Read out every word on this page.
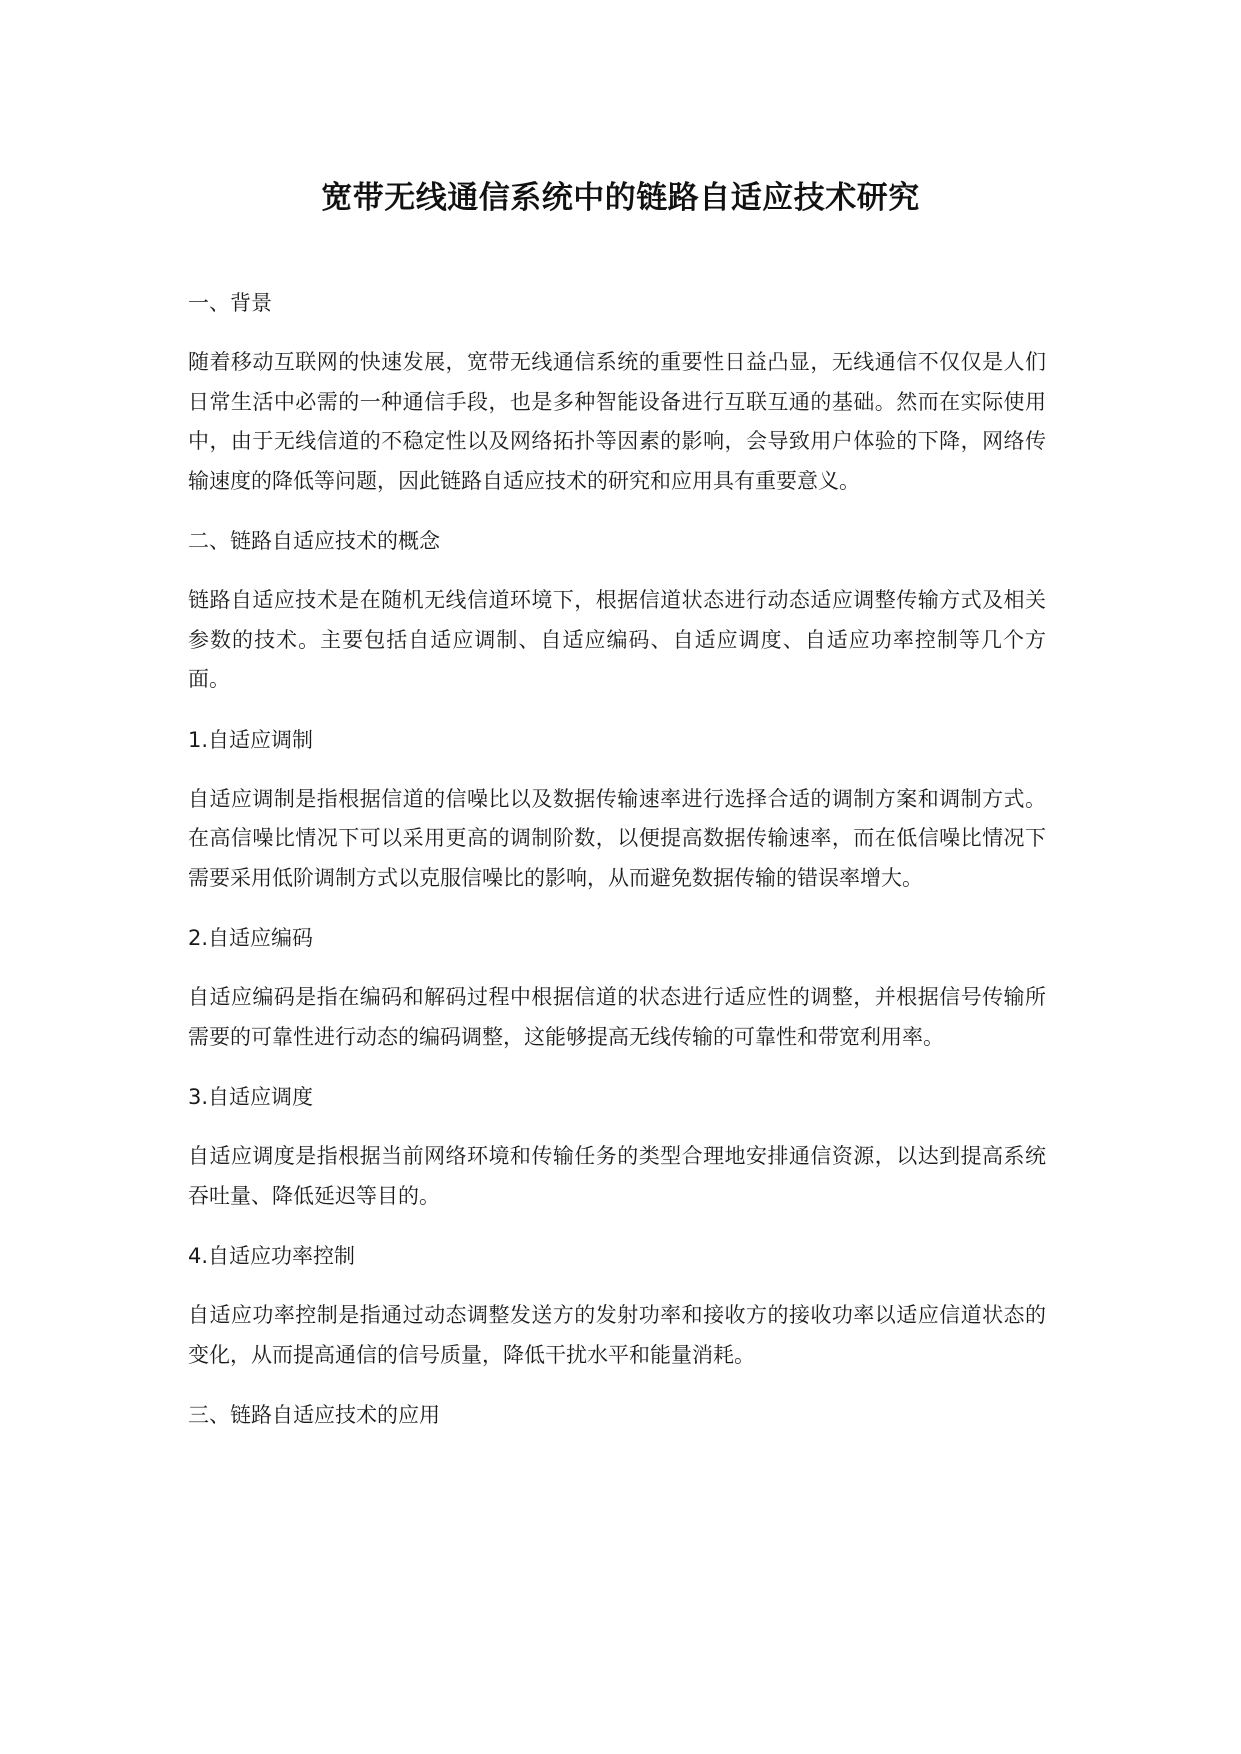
宽带无线通信系统中的链路自适应技术研究

一、背景

随着移动互联网的快速发展，宽带无线通信系统的重要性日益凸显，无线通信不仅仅是人们日常生活中必需的一种通信手段，也是多种智能设备进行互联互通的基础。然而在实际使用中，由于无线信道的不稳定性以及网络拓扑等因素的影响，会导致用户体验的下降，网络传输速度的降低等问题，因此链路自适应技术的研究和应用具有重要意义。

二、链路自适应技术的概念

链路自适应技术是在随机无线信道环境下，根据信道状态进行动态适应调整传输方式及相关参数的技术。主要包括自适应调制、自适应编码、自适应调度、自适应功率控制等几个方面。

1.自适应调制

自适应调制是指根据信道的信噪比以及数据传输速率进行选择合适的调制方案和调制方式。在高信噪比情况下可以采用更高的调制阶数，以便提高数据传输速率，而在低信噪比情况下需要采用低阶调制方式以克服信噪比的影响，从而避免数据传输的错误率增大。

2.自适应编码

自适应编码是指在编码和解码过程中根据信道的状态进行适应性的调整，并根据信号传输所需要的可靠性进行动态的编码调整，这能够提高无线传输的可靠性和带宽利用率。

3.自适应调度

自适应调度是指根据当前网络环境和传输任务的类型合理地安排通信资源，以达到提高系统吞吐量、降低延迟等目的。

4.自适应功率控制

自适应功率控制是指通过动态调整发送方的发射功率和接收方的接收功率以适应信道状态的变化，从而提高通信的信号质量，降低干扰水平和能量消耗。

三、链路自适应技术的应用
